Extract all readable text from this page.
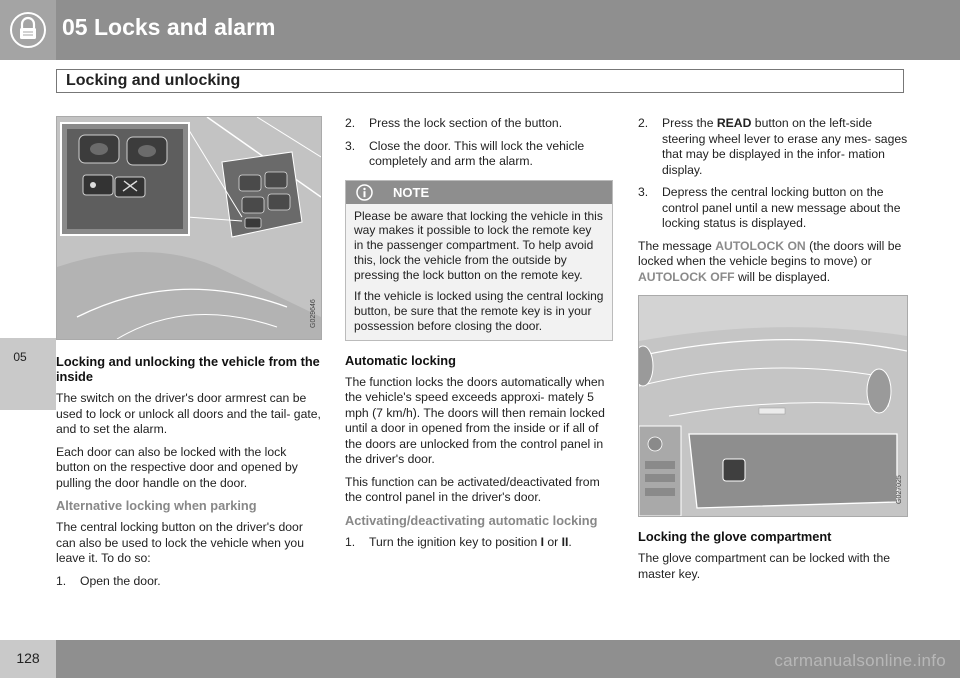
05 Locks and alarm
Locking and unlocking
05
G029646

Locking and unlocking the vehicle from the inside

The switch on the driver's door armrest can be used to lock or unlock all doors and the tail- gate, and to set the alarm.

Each door can also be locked with the lock button on the respective door and opened by pulling the door handle on the door.

Alternative locking when parking

The central locking button on the driver's door can also be used to lock the vehicle when you leave it. To do so:

1.	Open the door.
2.	Press the lock section of the button.
3.	Close the door. This will lock the vehicle completely and arm the alarm.
NOTE

Please be aware that locking the vehicle in this way makes it possible to lock the remote key in the passenger compartment. To help avoid this, lock the vehicle from the outside by pressing the lock button on the remote key.

If the vehicle is locked using the central locking button, be sure that the remote key is in your possession before closing the door.

Automatic locking

The function locks the doors automatically when the vehicle's speed exceeds approxi- mately 5 mph (7 km/h). The doors will then remain locked until a door in opened from the inside or if all of the doors are unlocked from the control panel in the driver's door.

This function can be activated/deactivated from the control panel in the driver's door.

Activating/deactivating automatic locking

1.	Turn the ignition key to position I or II.
2.	Press the READ button on the left-side steering wheel lever to erase any mes- sages that may be displayed in the infor- mation display.
3.	Depress the central locking button on the control panel until a new message about the locking status is displayed.

The message AUTOLOCK ON (the doors will be locked when the vehicle begins to move) or AUTOLOCK OFF will be displayed.

G027025

Locking the glove compartment

The glove compartment can be locked with the master key.

128	carmanualsonline.info
